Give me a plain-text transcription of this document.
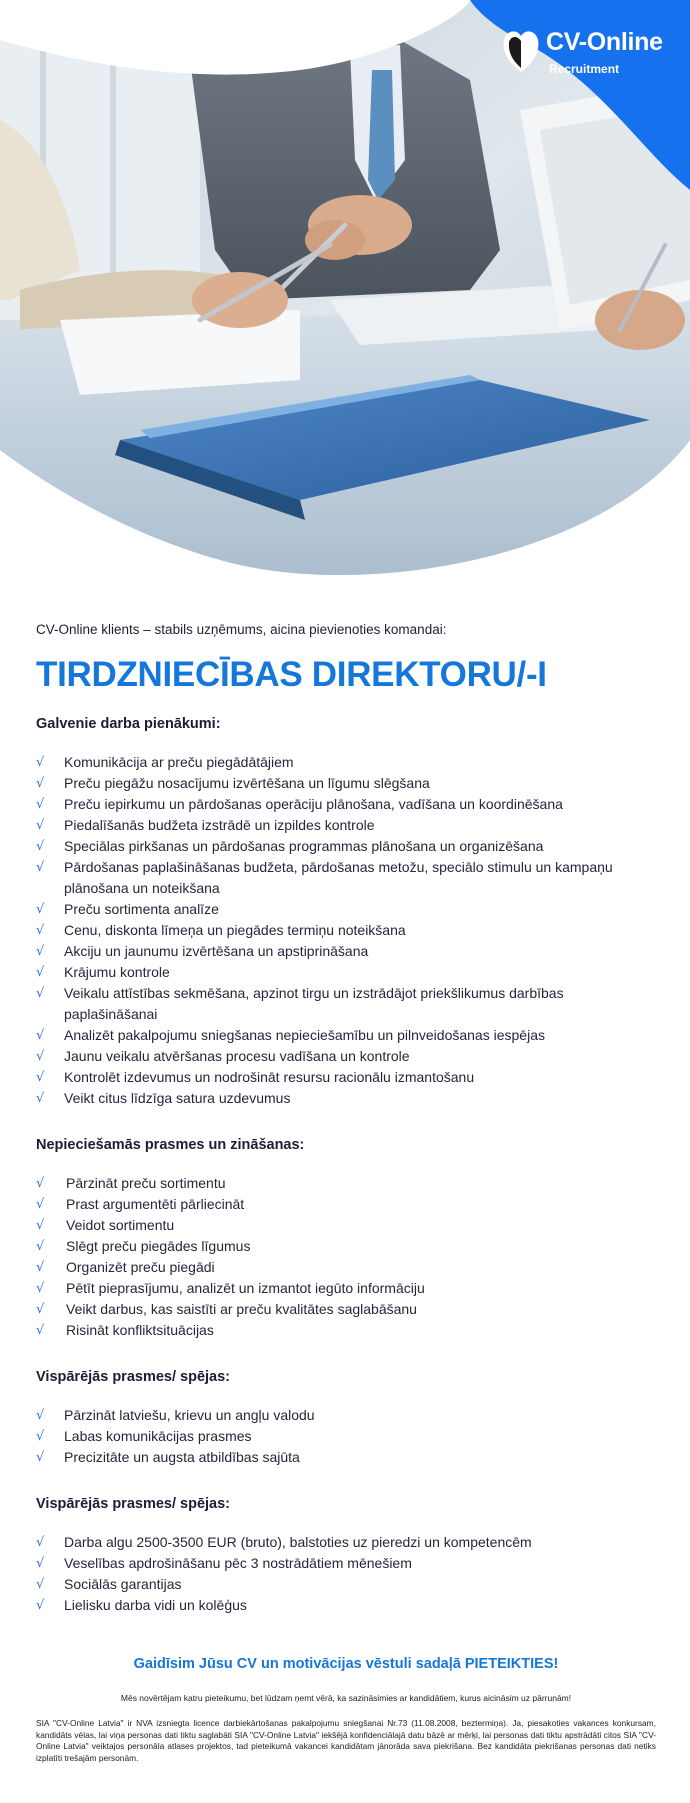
CV-Online
Recruitment

CV-Online klients – stabils uzņēmums, aicina pievienoties komandai:

TIRDZNIECĪBAS DIREKTORU/-I
Galvenie darba pienākumi:
√	Komunikācija ar preču piegādātājiem
√	Preču piegāžu nosacījumu izvērtēšana un līgumu slēgšana
√	Preču iepirkumu un pārdošanas operāciju plānošana, vadīšana un koordinēšana
√	Piedalīšanās budžeta izstrādē un izpildes kontrole
√	Speciālas pirkšanas un pārdošanas programmas plānošana un organizēšana
√	Pārdošanas paplašināšanas budžeta, pārdošanas metožu, speciālo stimulu un kampaņu plānošana un noteikšana
√	Preču sortimenta analīze
√	Cenu, diskonta līmeņa un piegādes termiņu noteikšana
√	Akciju un jaunumu izvērtēšana un apstiprināšana
√	Krājumu kontrole
√	Veikalu attīstības sekmēšana, apzinot tirgu un izstrādājot priekšlikumus darbības paplašināšanai
√	Analizēt pakalpojumu sniegšanas nepieciešamību un pilnveidošanas iespējas
√	Jaunu veikalu atvēršanas procesu vadīšana un kontrole
√	Kontrolēt izdevumus un nodrošināt resursu racionālu izmantošanu
√	Veikt citus līdzīga satura uzdevumus
Nepieciešamās prasmes un zināšanas:
√	Pārzināt preču sortimentu
√	Prast argumentēti pārliecināt
√	Veidot sortimentu
√	Slēgt preču piegādes līgumus
√	Organizēt preču piegādi
√	Pētīt pieprasījumu, analizēt un izmantot iegūto informāciju
√	Veikt darbus, kas saistīti ar preču kvalitātes saglabāšanu
√	Risināt konfliktsituācijas
Vispārējās prasmes/ spējas:
√	Pārzināt latviešu, krievu un angļu valodu
√	Labas komunikācijas prasmes
√	Precizitāte un augsta atbildības sajūta
Vispārējās prasmes/ spējas:
√	Darba algu 2500-3500 EUR (bruto), balstoties uz pieredzi un kompetencēm
√	Veselības apdrošināšanu pēc 3 nostrādātiem mēnešiem
√	Sociālās garantijas
√	Lielisku darba vidi un kolēģus

Gaidīsim Jūsu CV un motivācijas vēstuli sadaļā PIETEIKTIES!

Mēs novērtējam katru pieteikumu, bet lūdzam ņemt vērā, ka sazināsimies ar kandidātiem, kurus aicināsim uz pārrunām!

SIA "CV-Online Latvia" ir NVA izsniegta licence darbiekārtošanas pakalpojumu sniegšanai Nr.73 (11.08.2008, beztermiņa). Ja, piesakoties vakances konkursam, kandidāts vēlas, lai viņa personas dati tiktu saglabāti SIA "CV-Online Latvia" iekšējā konfidenciālajā datu bāzē ar mērķi, lai personas dati tiktu apstrādāti citos SIA "CV-Online Latvia" veiktajos personāla atlases projektos, tad pieteikumā vakancei kandidātam jānorāda sava piekrišana. Bez kandidāta piekrišanas personas dati netiks izplatīti trešajām personām.
